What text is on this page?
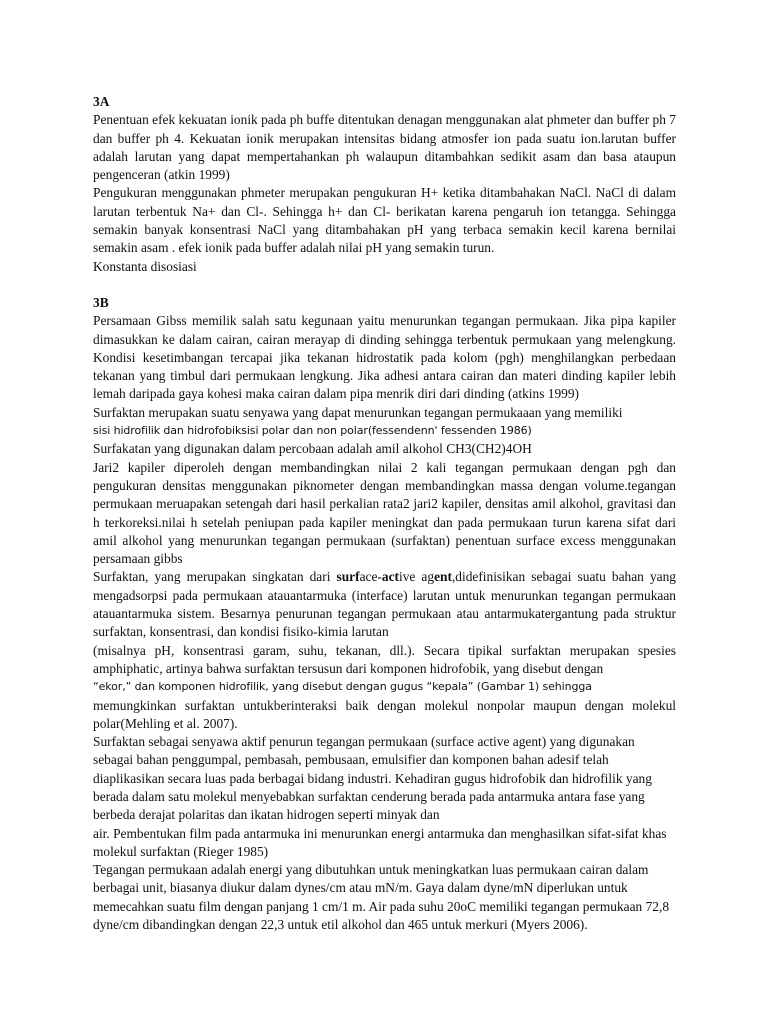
3A

Penentuan efek kekuatan ionik pada ph buffe ditentukan denagan menggunakan alat phmeter dan buffer ph 7 dan buffer ph 4. Kekuatan ionik merupakan intensitas bidang atmosfer ion pada suatu ion.larutan buffer adalah larutan yang dapat mempertahankan ph walaupun ditambahkan sedikit asam dan basa ataupun pengenceran (atkin 1999)

Pengukuran menggunakan phmeter merupakan pengukuran H+ ketika ditambahakan NaCl. NaCl di dalam larutan terbentuk Na+ dan Cl-. Sehingga h+ dan Cl- berikatan karena pengaruh ion tetangga. Sehingga semakin banyak konsentrasi NaCl yang ditambahakan pH yang terbaca semakin kecil karena bernilai semakin asam . efek ionik pada buffer adalah nilai pH yang semakin turun.

Konstanta disosiasi

3B

Persamaan Gibss memilik salah satu kegunaan yaitu menurunkan tegangan permukaan. Jika pipa kapiler dimasukkan ke dalam cairan, cairan merayap di dinding sehingga terbentuk permukaan yang melengkung. Kondisi kesetimbangan tercapai jika tekanan hidrostatik pada kolom (pgh) menghilangkan perbedaan tekanan yang timbul dari permukaan lengkung. Jika adhesi antara cairan dan materi dinding kapiler lebih lemah daripada gaya kohesi maka cairan dalam pipa menrik diri dari dinding (atkins 1999)

Surfaktan merupakan suatu senyawa yang dapat menurunkan tegangan permukaaan yang memiliki

sisi hidrofilik dan hidrofobiksisi polar dan non polar(fessendenn' fessenden 1986)

Surfakatan yang digunakan dalam percobaan adalah amil alkohol CH3(CH2)4OH

Jari2 kapiler diperoleh dengan membandingkan nilai 2 kali tegangan permukaan dengan pgh dan pengukuran densitas menggunakan piknometer dengan membandingkan massa dengan volume.tegangan permukaan meruapakan setengah dari hasil perkalian rata2 jari2 kapiler, densitas amil alkohol, gravitasi dan h terkoreksi.nilai h setelah peniupan pada kapiler meningkat dan pada permukaan turun karena sifat dari amil alkohol yang menurunkan tegangan permukaan (surfaktan) penentuan surface excess menggunakan persamaan gibbs

Surfaktan, yang merupakan singkatan dari surface-active agent,didefinisikan sebagai suatu bahan yang mengadsorpsi pada permukaan atauantarmuka (interface) larutan untuk menurunkan tegangan permukaan atauantarmuka sistem. Besarnya penurunan tegangan permukaan atau antarmukatergantung pada struktur surfaktan, konsentrasi, dan kondisi fisiko-kimia larutan

(misalnya pH, konsentrasi garam, suhu, tekanan, dll.). Secara tipikal surfaktan merupakan spesies amphiphatic, artinya bahwa surfaktan tersusun dari komponen hidrofobik, yang disebut dengan

“ekor,” dan komponen hidrofilik, yang disebut dengan gugus “kepala” (Gambar 1) sehingga

memungkinkan surfaktan untukberinteraksi baik dengan molekul nonpolar maupun dengan molekul polar(Mehling et al. 2007).

Surfaktan sebagai senyawa aktif penurun tegangan permukaan (surface active agent) yang digunakan sebagai bahan penggumpal, pembasah, pembusaan, emulsifier dan komponen bahan adesif telah diaplikasikan secara luas pada berbagai bidang industri. Kehadiran gugus hidrofobik dan hidrofilik yang berada dalam satu molekul menyebabkan surfaktan cenderung berada pada antarmuka antara fase yang berbeda derajat polaritas dan ikatan hidrogen seperti minyak dan

air. Pembentukan film pada antarmuka ini menurunkan energi antarmuka dan menghasilkan sifat-sifat khas molekul surfaktan (Rieger 1985)

Tegangan permukaan adalah energi yang dibutuhkan untuk meningkatkan luas permukaan cairan dalam berbagai unit, biasanya diukur dalam dynes/cm atau mN/m. Gaya dalam dyne/mN diperlukan untuk memecahkan suatu film dengan panjang 1 cm/1 m. Air pada suhu 20oC memiliki tegangan permukaan 72,8 dyne/cm dibandingkan dengan 22,3 untuk etil alkohol dan 465 untuk merkuri (Myers 2006).
